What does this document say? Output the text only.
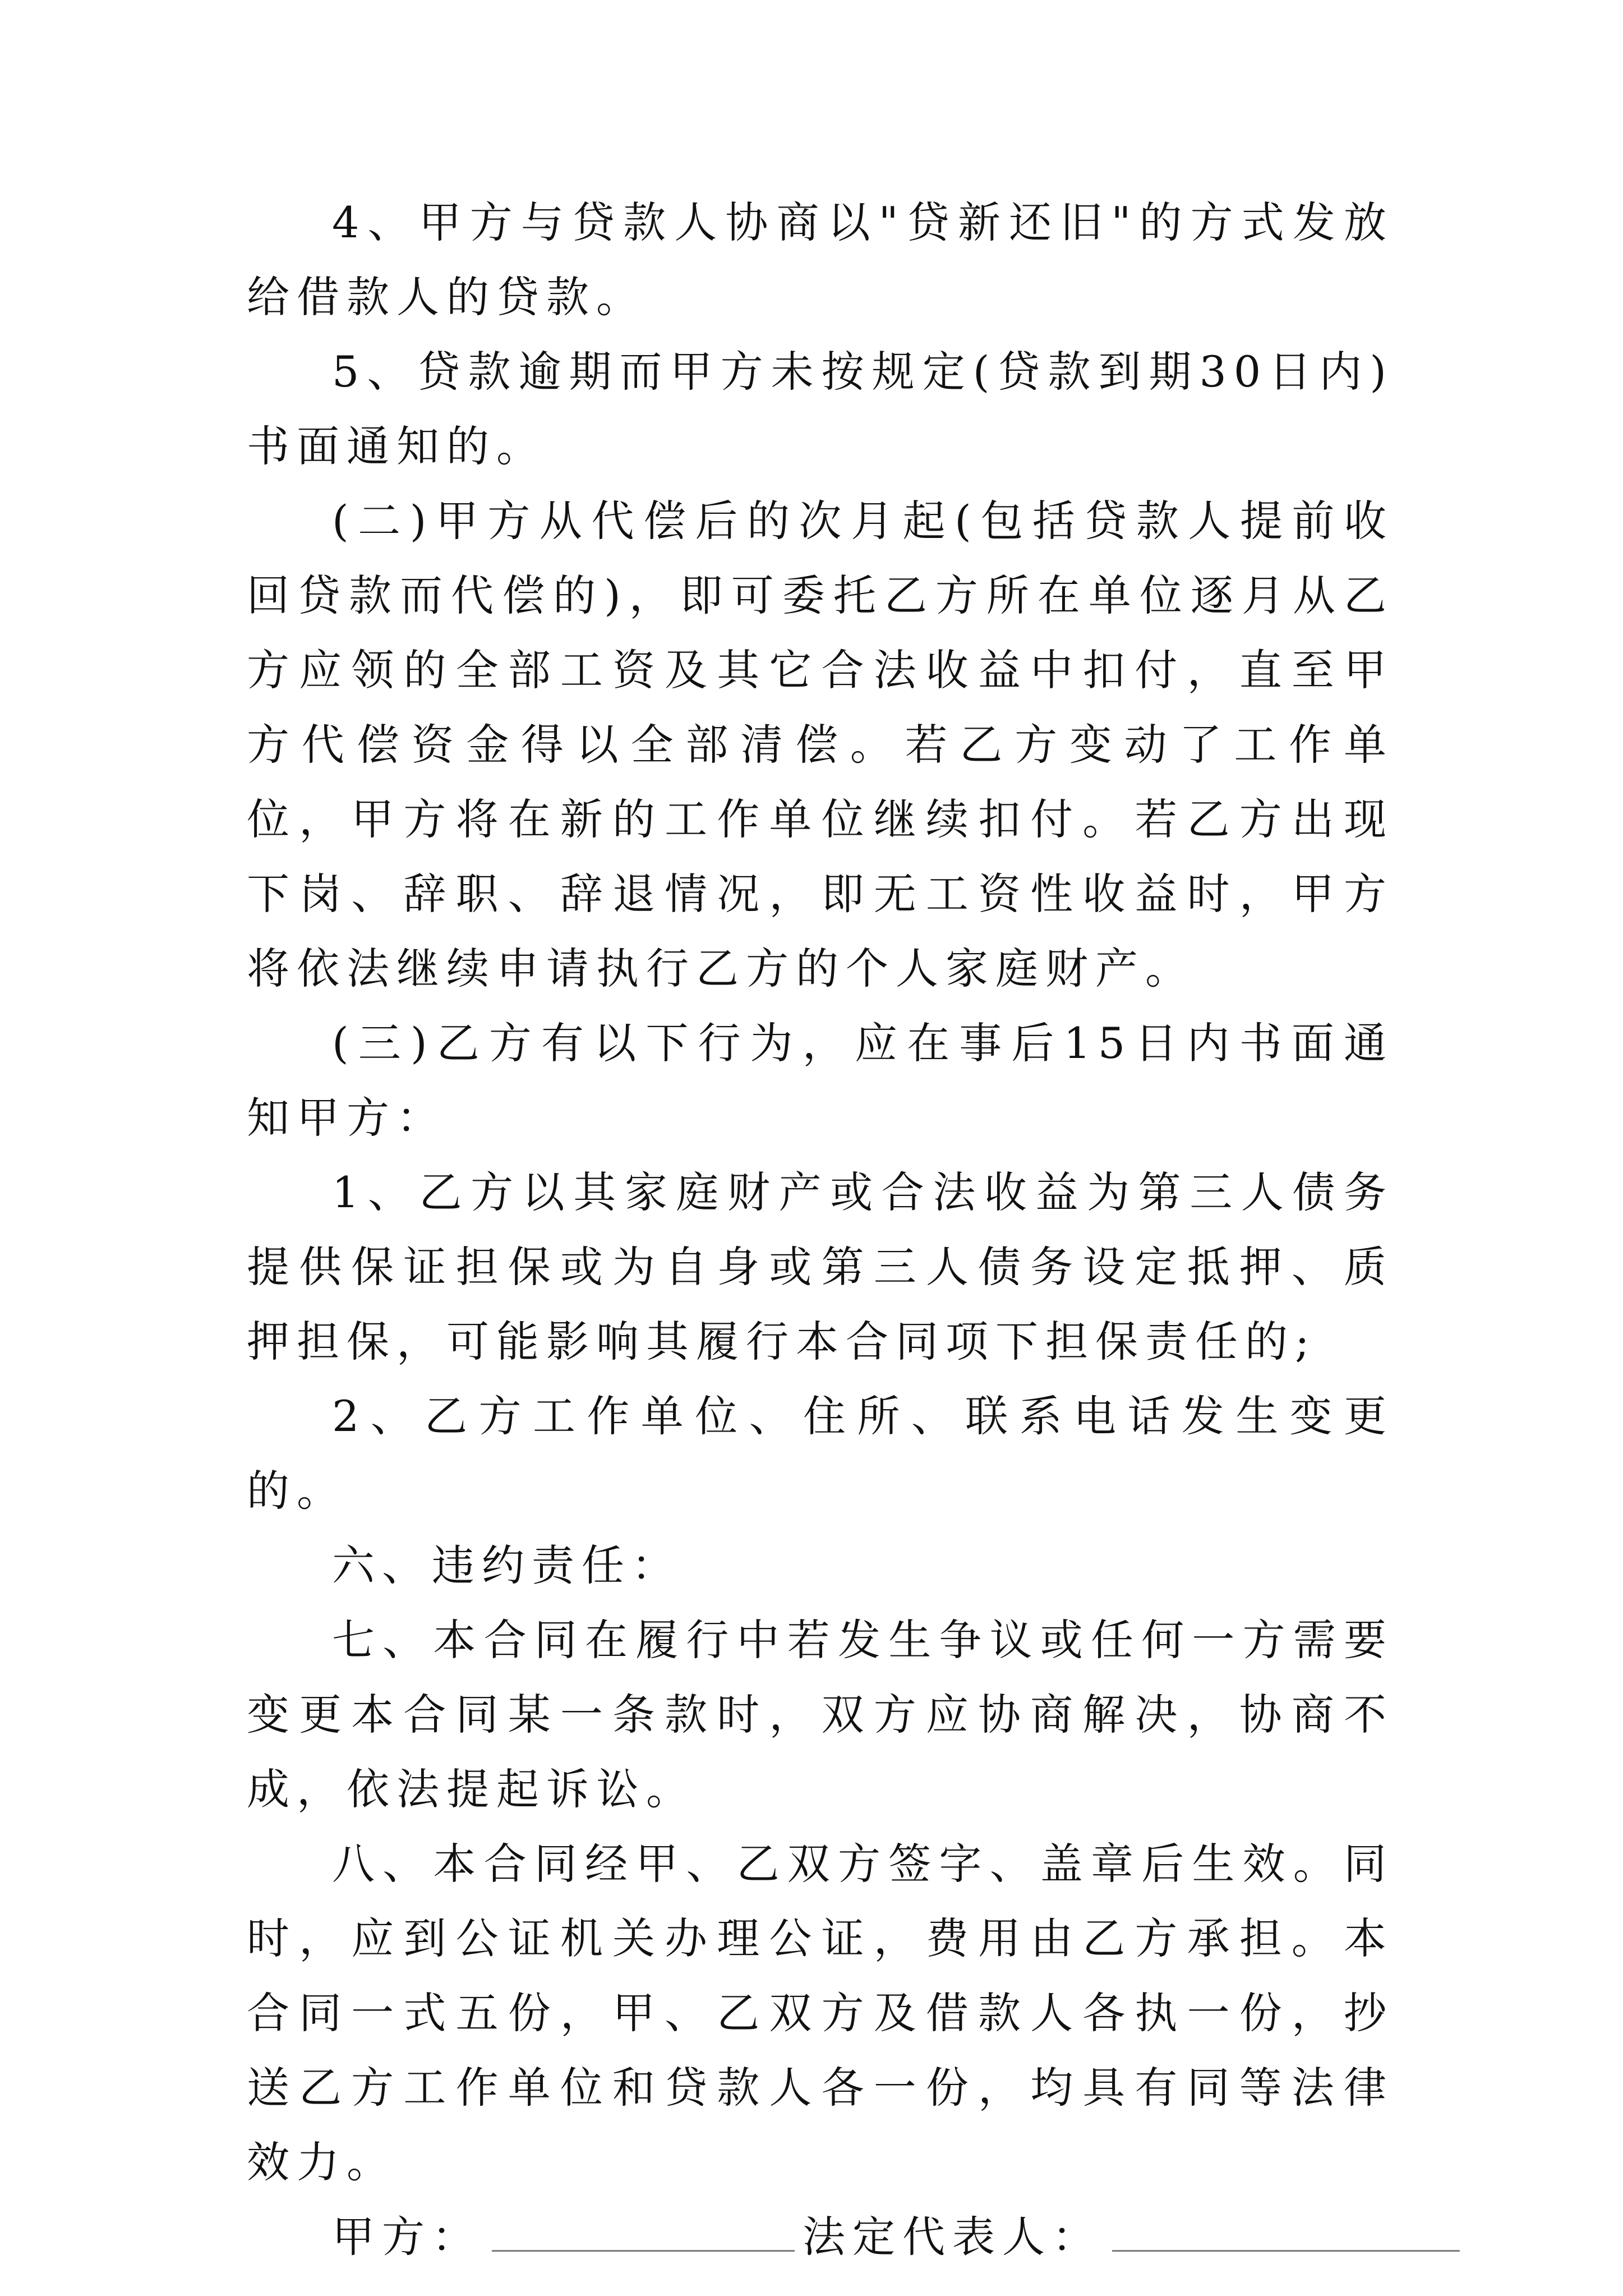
4、甲方与贷款人协商以"贷新还旧"的方式发放给借款人的贷款。

5、贷款逾期而甲方未按规定(贷款到期30日内)书面通知的。

(二)甲方从代偿后的次月起(包括贷款人提前收回贷款而代偿的)，即可委托乙方所在单位逐月从乙方应领的全部工资及其它合法收益中扣付，直至甲方代偿资金得以全部清偿。若乙方变动了工作单位，甲方将在新的工作单位继续扣付。若乙方出现下岗、辞职、辞退情况，即无工资性收益时，甲方将依法继续申请执行乙方的个人家庭财产。

(三)乙方有以下行为，应在事后15日内书面通知甲方：

1、乙方以其家庭财产或合法收益为第三人债务提供保证担保或为自身或第三人债务设定抵押、质押担保，可能影响其履行本合同项下担保责任的;

2、乙方工作单位、住所、联系电话发生变更的。

六、违约责任：

七、本合同在履行中若发生争议或任何一方需要变更本合同某一条款时，双方应协商解决，协商不成，依法提起诉讼。

八、本合同经甲、乙双方签字、盖章后生效。同时，应到公证机关办理公证，费用由乙方承担。本合同一式五份，甲、乙双方及借款人各执一份，抄送乙方工作单位和贷款人各一份，均具有同等法律效力。

甲方：	法定代表人：
